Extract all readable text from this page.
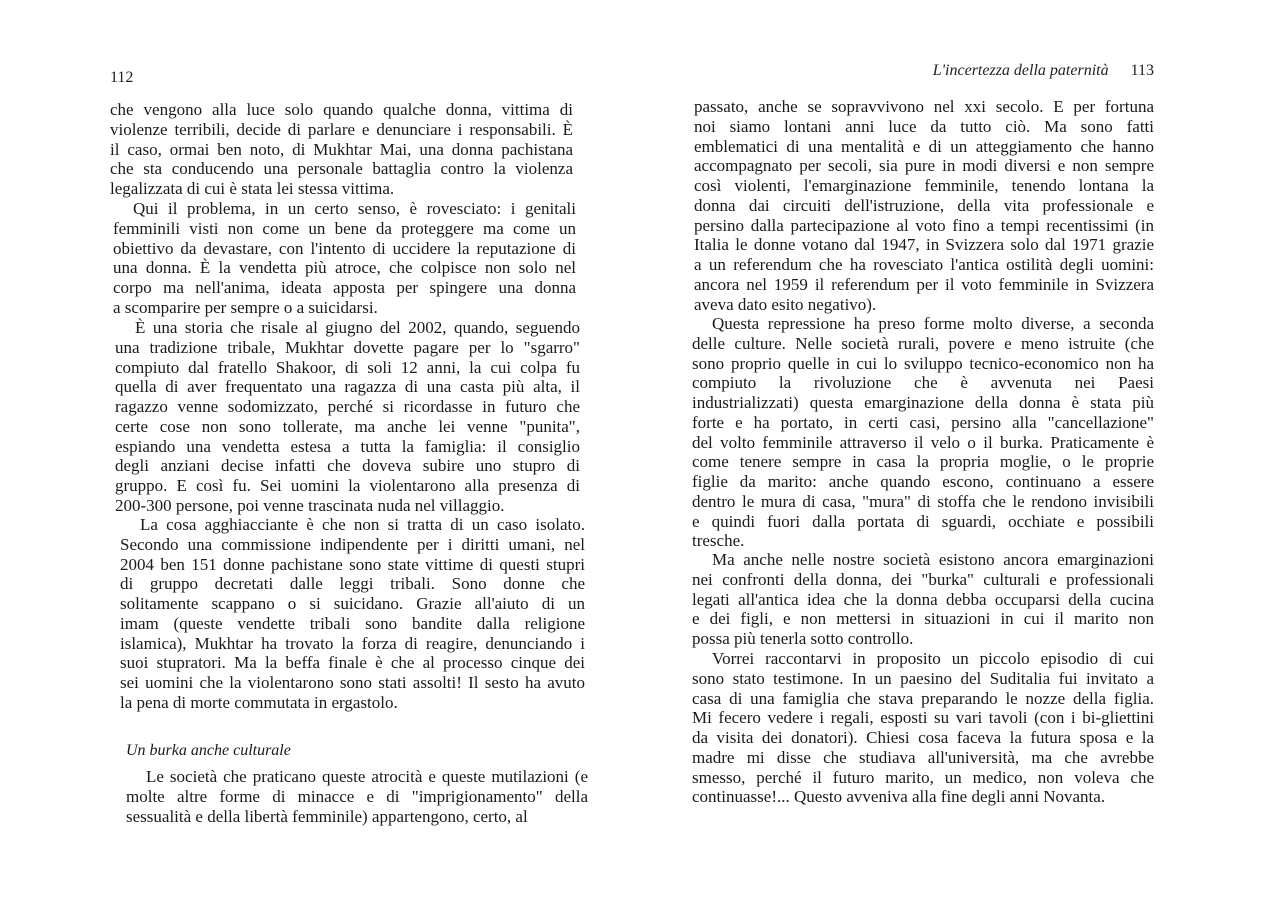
112
che vengono alla luce solo quando qualche donna, vittima di
violenze terribili, decide di parlare e denunciare i responsabili. È
il caso, ormai ben noto, di Mukhtar Mai, una donna pachistana
che sta conducendo una personale battaglia contro la violenza
legalizzata di cui è stata lei stessa vittima.
Qui il problema, in un certo senso, è rovesciato: i genitali
femminili visti non come un bene da proteggere ma come un
obiettivo da devastare, con l'intento di uccidere la reputazione di
una donna. È la vendetta più atroce, che colpisce non solo nel
corpo ma nell'anima, ideata apposta per spingere una donna
a scomparire per sempre o a suicidarsi.
È una storia che risale al giugno del 2002, quando, seguendo
una tradizione tribale, Mukhtar dovette pagare per lo "sgarro"
compiuto dal fratello Shakoor, di soli 12 anni, la cui colpa fu
quella di aver frequentato una ragazza di una casta più alta, il
ragazzo venne sodomizzato, perché si ricordasse in futuro che
certe cose non sono tollerate, ma anche lei venne "punita",
espiando una vendetta estesa a tutta la famiglia: il consiglio
degli anziani decise infatti che doveva subire uno stupro di
gruppo. E così fu. Sei uomini la violentarono alla presenza di
200-300 persone, poi venne trascinata nuda nel villaggio.
La cosa agghiacciante è che non si tratta di un caso isolato.
Secondo una commissione indipendente per i diritti umani, nel
2004 ben 151 donne pachistane sono state vittime di questi stupri
di gruppo decretati dalle leggi tribali. Sono donne che
solitamente scappano o si suicidano. Grazie all'aiuto di un
imam (queste vendette tribali sono bandite dalla religione
islamica), Mukhtar ha trovato la forza di reagire, denunciando i
suoi stupratori. Ma la beffa finale è che al processo cinque dei
sei uomini che la violentarono sono stati assolti! Il sesto ha avuto
la pena di morte commutata in ergastolo.
Un burka anche culturale
Le società che praticano queste atrocità e queste mutilazioni (e
molte altre forme di minacce e di "imprigionamento" della
sessualità e della libertà femminile) appartengono, certo, al
L'incertezza della paternità 113
passato, anche se sopravvivono nel xxi secolo. E per fortuna
noi siamo lontani anni luce da tutto ciò. Ma sono fatti
emblematici di una mentalità e di un atteggiamento che hanno
accompagnato per secoli, sia pure in modi diversi e non sempre
così violenti, l'emarginazione femminile, tenendo lontana la
donna dai circuiti dell'istruzione, della vita professionale e
persino dalla partecipazione al voto fino a tempi recentissimi (in
Italia le donne votano dal 1947, in Svizzera solo dal 1971 grazie
a un referendum che ha rovesciato l'antica ostilità degli uomini:
ancora nel 1959 il referendum per il voto femminile in Svizzera
aveva dato esito negativo).
Questa repressione ha preso forme molto diverse, a seconda
delle culture. Nelle società rurali, povere e meno istruite (che
sono proprio quelle in cui lo sviluppo tecnico-economico non ha
compiuto la rivoluzione che è avvenuta nei Paesi
industrializzati) questa emarginazione della donna è stata più
forte e ha portato, in certi casi, persino alla "cancellazione"
del volto femminile attraverso il velo o il burka. Praticamente è
come tenere sempre in casa la propria moglie, o le proprie
figlie da marito: anche quando escono, continuano a essere
dentro le mura di casa, "mura" di stoffa che le rendono invisibili
e quindi fuori dalla portata di sguardi, occhiate e possibili
tresche.
Ma anche nelle nostre società esistono ancora emarginazioni
nei confronti della donna, dei "burka" culturali e professionali
legati all'antica idea che la donna debba occuparsi della cucina
e dei figli, e non mettersi in situazioni in cui il marito non
possa più tenerla sotto controllo.
Vorrei raccontarvi in proposito un piccolo episodio di cui
sono stato testimone. In un paesino del Suditalia fui invitato a
casa di una famiglia che stava preparando le nozze della figlia.
Mi fecero vedere i regali, esposti su vari tavoli (con i bi-gliettini
da visita dei donatori). Chiesi cosa faceva la futura sposa e la
madre mi disse che studiava all'università, ma che avrebbe
smesso, perché il futuro marito, un medico, non voleva che
continuasse!... Questo avveniva alla fine degli anni Novanta.
